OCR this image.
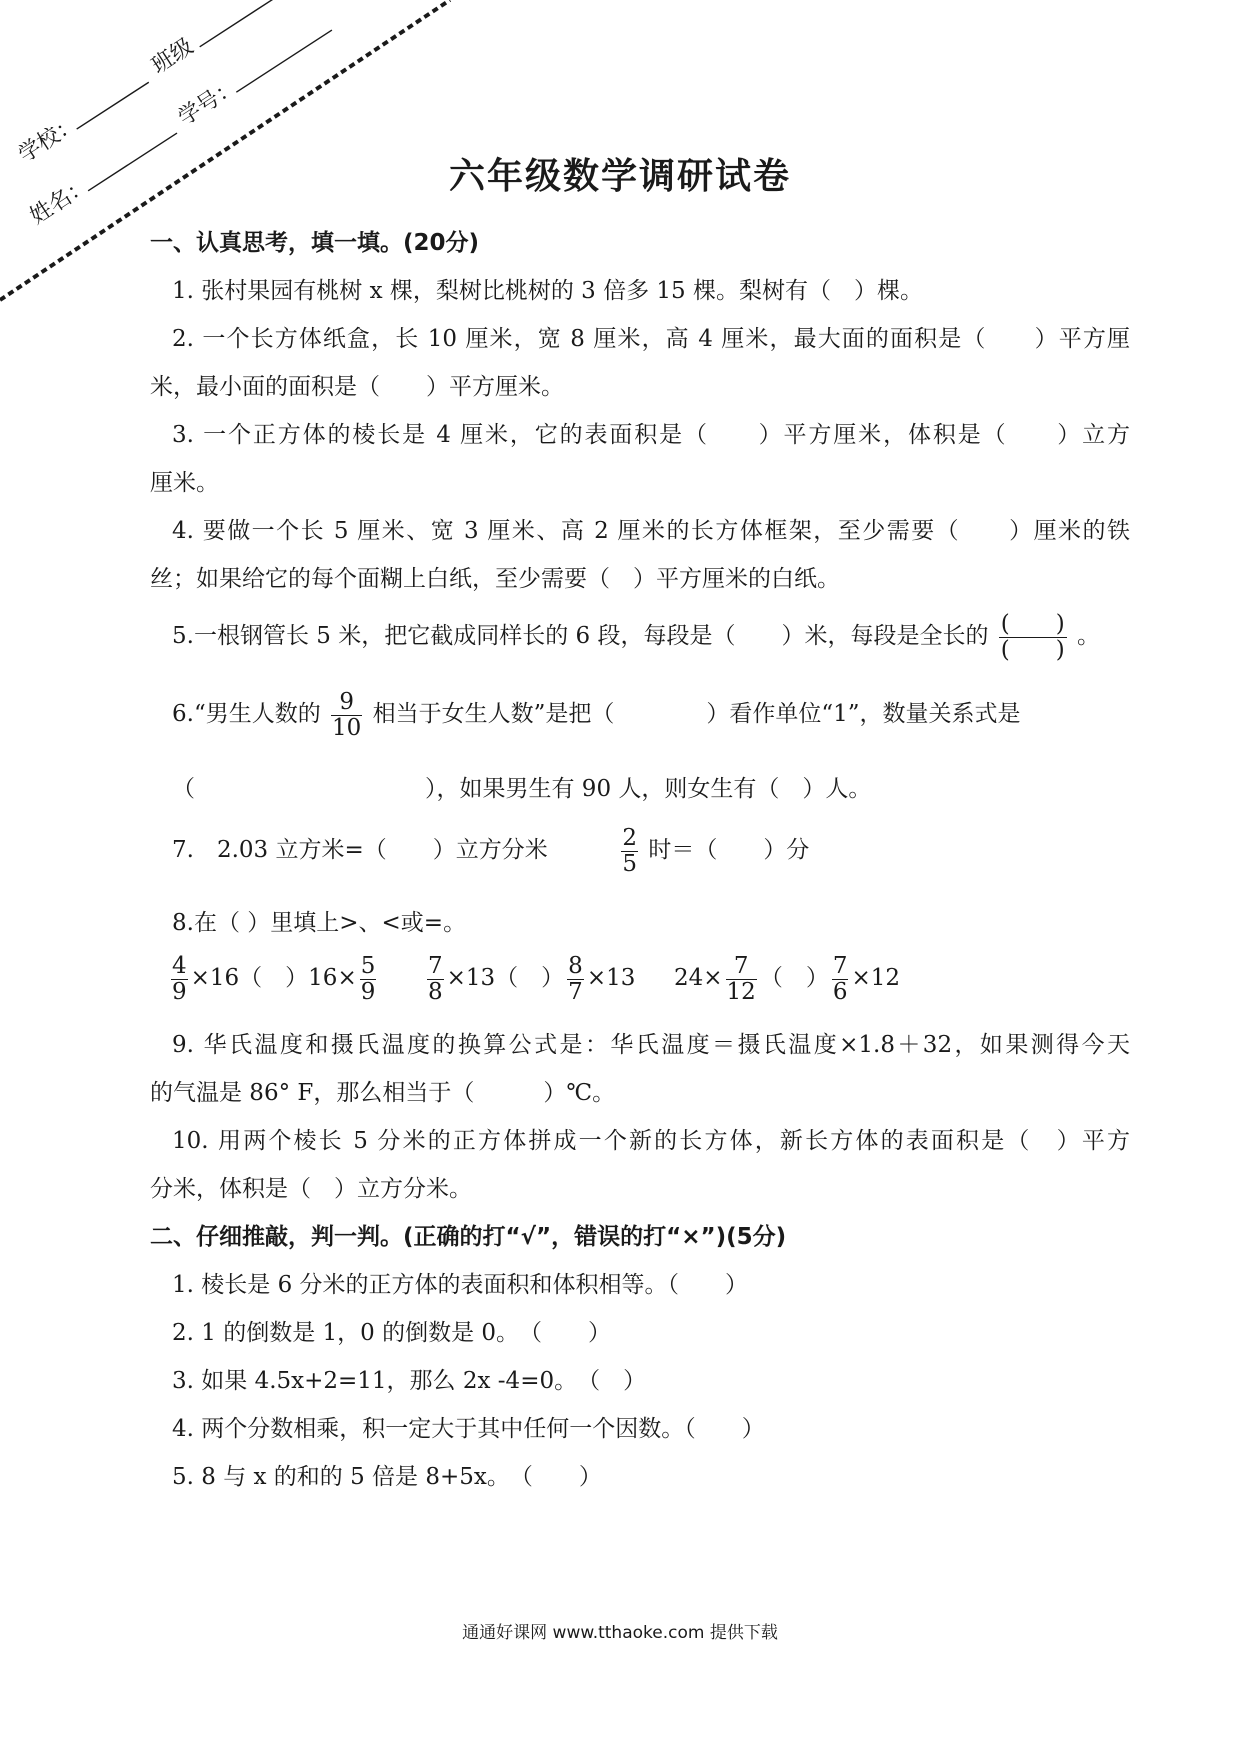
学校：
班级
姓名：
学号：
六年级数学调研试卷
一、认真思考，填一填。(20分)
1. 张村果园有桃树 x 棵，梨树比桃树的 3 倍多 15 棵。梨树有（　）棵。
2. 一个长方体纸盒，长 10 厘米，宽 8 厘米，高 4 厘米，最大面的面积是（　　）平方厘
米，最小面的面积是（　　）平方厘米。
3. 一个正方体的棱长是 4 厘米，它的表面积是（　　）平方厘米，体积是（　　）立方
厘米。
4. 要做一个长 5 厘米、宽 3 厘米、高 2 厘米的长方体框架，至少需要（　　）厘米的铁
丝；如果给它的每个面糊上白纸，至少需要（　）平方厘米的白纸。
5.一根钢管长 5 米，把它截成同样长的 6 段，每段是（　　）米，每段是全长的 $\frac{( )}{( )}$ 。
6.“男生人数的 $\frac{9}{10}$ 相当于女生人数”是把（　　　　）看作单位“1”，数量关系式是
（　　　　　　　　　　），如果男生有 90 人，则女生有（　）人。
7.　2.03 立方米=（　　）立方分米	$\frac{2}{5}$ 时＝（　　）分
8.在（ ）里填上>、<或=。
$\frac{4}{9} \times 16$（　）$16\times \frac{5}{9}$
$\frac{7}{8} \times 13$（　） $\frac{8}{7} \times 13$ $24\times \frac{7}{12}$ （　） $\frac{7}{6} \times 12$
9. 华氏温度和摄氏温度的换算公式是：华氏温度＝摄氏温度×1.8＋32，如果测得今天
的气温是 86° F，那么相当于（　　　）℃。
10. 用两个棱长 5 分米的正方体拼成一个新的长方体，新长方体的表面积是（　）平方
分米，体积是（　）立方分米。
二、仔细推敲，判一判。(正确的打“√”，错误的打“×”)(5分)
1. 棱长是 6 分米的正方体的表面积和体积相等。（　　）
2. 1 的倒数是 1，0 的倒数是 0。　（　　）
3. 如果 4.5x+2=11，那么 2x -4=0。　（　）
4. 两个分数相乘，积一定大于其中任何一个因数。（　　）
5. 8 与 x 的和的 5 倍是 8+5x。　（　　）
通通好课网 www.tthaoke.com 提供下载
